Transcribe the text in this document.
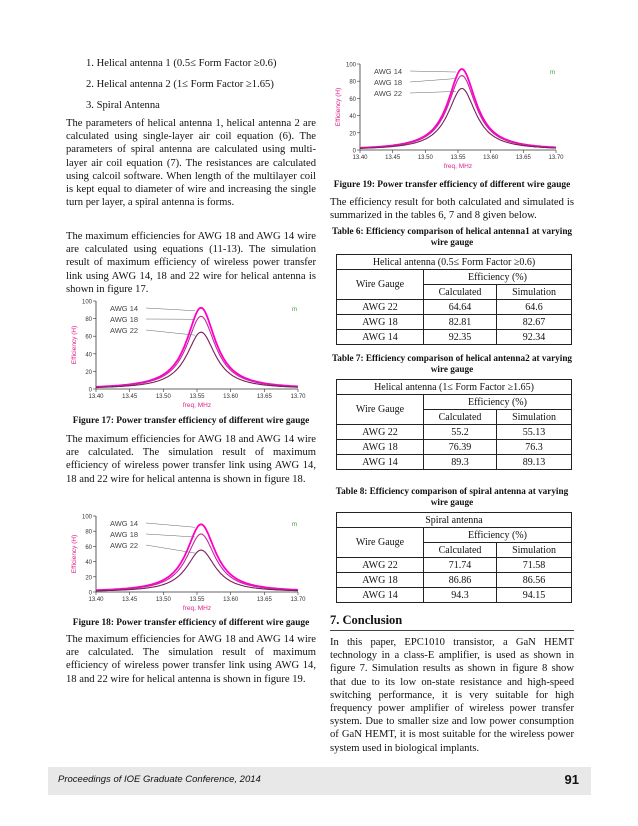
1. Helical antenna 1 (0.5≤ Form Factor ≥0.6)
2. Helical antenna 2 (1≤ Form Factor ≥1.65)
3. Spiral Antenna

The parameters of helical antenna 1, helical antenna 2 are calculated using single-layer air coil equation (6). The parameters of spiral antenna are calculated using multi-layer air coil equation (7). The resistances are calculated using calcoil software. When length of the multilayer coil is kept equal to diameter of wire and increasing the single turn per layer, a spiral antenna is forms.

The maximum efficiencies for AWG 18 and AWG 14 wire are calculated using equations (11-13). The simulation result of maximum efficiency of wireless power transfer link using AWG 14, 18 and 22 wire for helical antenna is shown in figure 17.

0
20
40
60
80
100
13.40	13.45	13.50	13.55	13.60	13.65	13.70
freq, MHz
Efficiency (H)
AWG 14
AWG 18
AWG 22
m
Figure 17: Power transfer efficiency of different wire gauge

The maximum efficiencies for AWG 18 and AWG 14 wire are calculated. The simulation result of maximum efficiency of wireless power transfer link using AWG 14, 18 and 22 wire for helical antenna is shown in figure 18.

0
20
40
60
80
100
13.40	13.45	13.50	13.55	13.60	13.65	13.70
freq, MHz
Efficiency (H)
AWG 14
AWG 18
AWG 22
m
Figure 18: Power transfer efficiency of different wire gauge

The maximum efficiencies for AWG 18 and AWG 14 wire are calculated. The simulation result of maximum efficiency of wireless power transfer link using AWG 14, 18 and 22 wire for helical antenna is shown in figure 19.

0
20
40
60
80
100
13.40	13.45	13.50	13.55	13.60	13.65	13.70
freq, MHz
Efficiency (H)
AWG 14
AWG 18
AWG 22
m
Figure 19: Power transfer efficiency of different wire gauge

The efficiency result for both calculated and simulated is summarized in the tables 6, 7 and 8 given below.

Table 6: Efficiency comparison of helical antenna1 at varying wire gauge
Helical antenna (0.5≤ Form Factor ≥0.6)		
Wire Gauge	Efficiency (%)	
	Calculated	Simulation
AWG 22	64.64	64.6
AWG 18	82.81	82.67
AWG 14	92.35	92.34
Table 7: Efficiency comparison of helical antenna2 at varying wire gauge
Helical antenna (1≤ Form Factor ≥1.65)		
Wire Gauge	Efficiency (%)	
	Calculated	Simulation
AWG 22	55.2	55.13
AWG 18	76.39	76.3
AWG 14	89.3	89.13
Table 8: Efficiency comparison of spiral antenna at varying wire gauge
Spiral antenna		
Wire Gauge	Efficiency (%)	
	Calculated	Simulation
AWG 22	71.74	71.58
AWG 18	86.86	86.56
AWG 14	94.3	94.15
7. Conclusion

In this paper, EPC1010 transistor, a GaN HEMT technology in a class-E amplifier, is used as shown in figure 7. Simulation results as shown in figure 8 show that due to its low on-state resistance and high-speed switching performance, it is very suitable for high frequency power amplifier of wireless power transfer system. Due to smaller size and low power consumption of GaN HEMT, it is most suitable for the wireless power system used in biological implants.

Proceedings of IOE Graduate Conference, 2014	91
